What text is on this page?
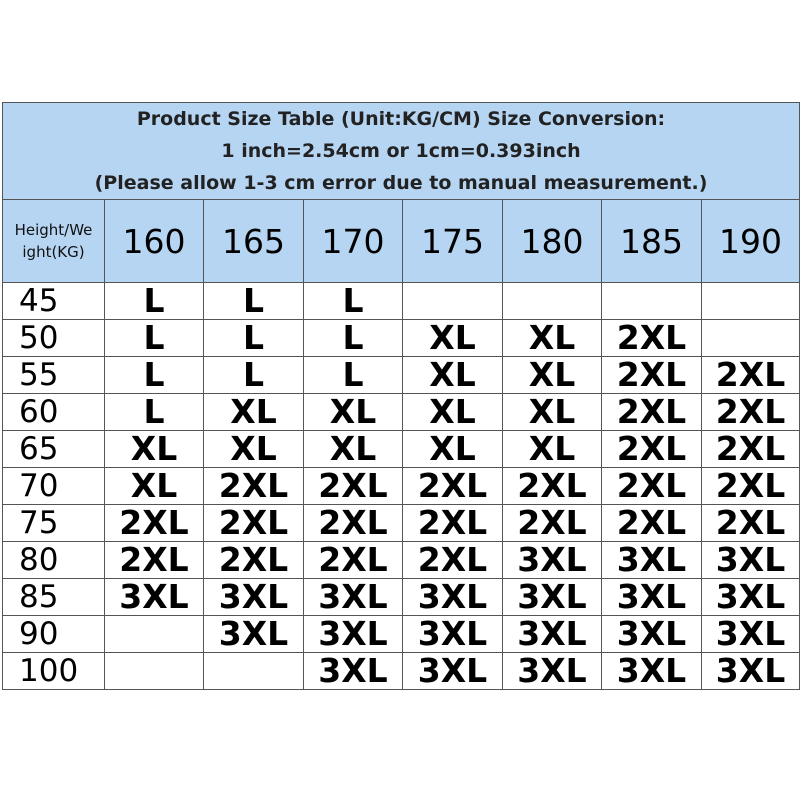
Product Size Table (Unit:KG/CM) Size Conversion:
1 inch=2.54cm or 1cm=0.393inch
(Please allow 1-3 cm error due to manual measurement.)							

Height/We
ight(KG)	160	165	170	175	180	185	190
45	L	L	L				
50	L	L	L	XL	XL	2XL	
55	L	L	L	XL	XL	2XL	2XL
60	L	XL	XL	XL	XL	2XL	2XL
65	XL	XL	XL	XL	XL	2XL	2XL
70	XL	2XL	2XL	2XL	2XL	2XL	2XL
75	2XL	2XL	2XL	2XL	2XL	2XL	2XL
80	2XL	2XL	2XL	2XL	3XL	3XL	3XL
85	3XL	3XL	3XL	3XL	3XL	3XL	3XL
90		3XL	3XL	3XL	3XL	3XL	3XL
100			3XL	3XL	3XL	3XL	3XL
